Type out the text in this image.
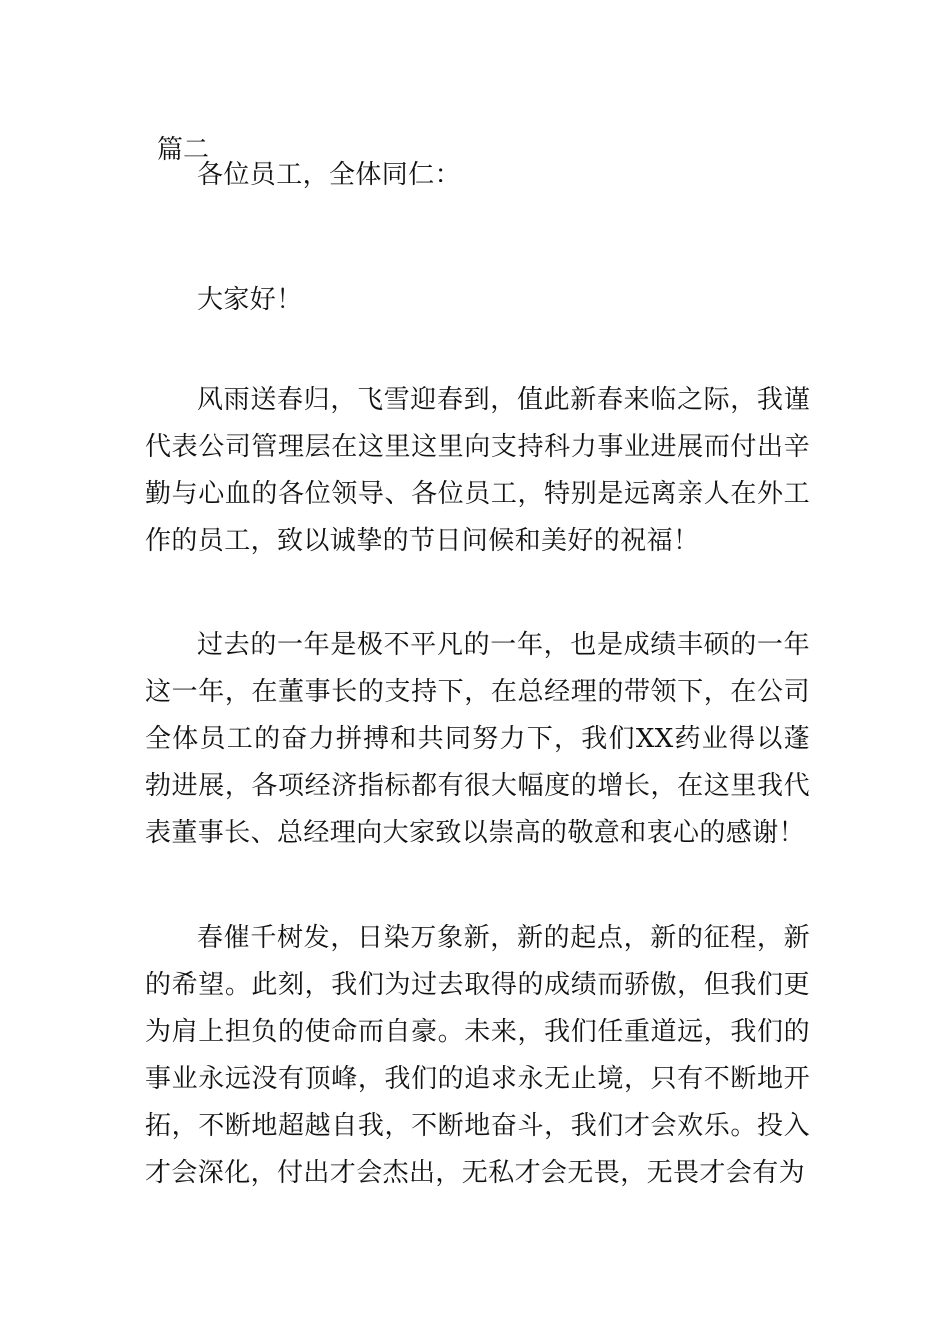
篇二

各位员工，全体同仁：

大家好！

风雨送春归，飞雪迎春到，值此新春来临之际，我谨代表公司管理层在这里这里向支持科力事业进展而付出辛勤与心血的各位领导、各位员工，特别是远离亲人在外工作的员工，致以诚挚的节日问候和美好的祝福！

过去的一年是极不平凡的一年，也是成绩丰硕的一年这一年，在董事长的支持下，在总经理的带领下，在公司全体员工的奋力拼搏和共同努力下，我们XX药业得以蓬勃进展，各项经济指标都有很大幅度的增长，在这里我代表董事长、总经理向大家致以崇高的敬意和衷心的感谢！

春催千树发，日染万象新，新的起点，新的征程，新的希望。此刻，我们为过去取得的成绩而骄傲，但我们更为肩上担负的使命而自豪。未来，我们任重道远，我们的事业永远没有顶峰，我们的追求永无止境，只有不断地开拓，不断地超越自我，不断地奋斗，我们才会欢乐。投入才会深化，付出才会杰出，无私才会无畏，无畏才会有为
